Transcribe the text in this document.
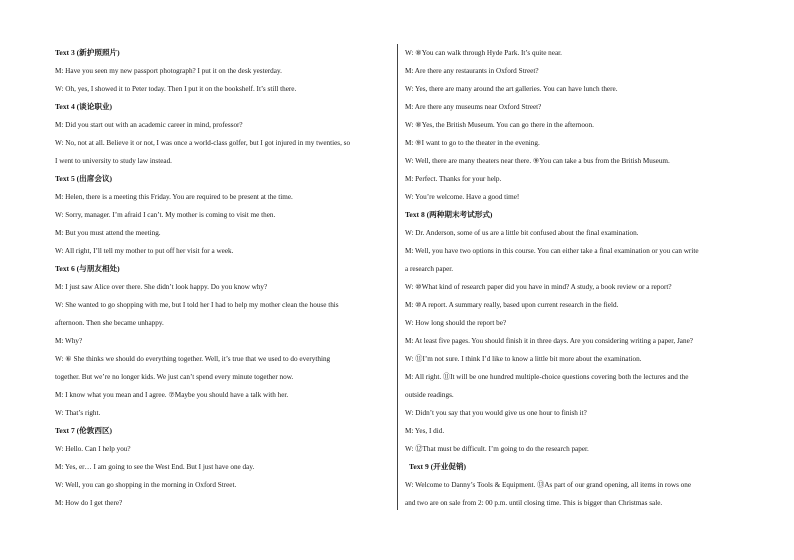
Text 3 (新护照照片)
M: Have you seen my new passport photograph? I put it on the desk yesterday.
W: Oh, yes, I showed it to Peter today. Then I put it on the bookshelf. It’s still there.
Text 4 (谈论职业)
M: Did you start out with an academic career in mind, professor?
W: No, not at all. Believe it or not, I was once a world-class golfer, but I got injured in my twenties, so
I went to university to study law instead.
Text 5 (出席会议)
M: Helen, there is a meeting this Friday. You are required to be present at the time.
W: Sorry, manager. I’m afraid I can’t. My mother is coming to visit me then.
M: But you must attend the meeting.
W: All right, I’ll tell my mother to put off her visit for a week.
Text 6 (与朋友相处)
M: I just saw Alice over there. She didn’t look happy. Do you know why?
W: She wanted to go shopping with me, but I told her I had to help my mother clean the house this
afternoon. Then she became unhappy.
M: Why?
W: ⑥ She thinks we should do everything together. Well, it’s true that we used to do everything
together. But we’re no longer kids. We just can’t spend every minute together now.
M: I know what you mean and I agree. ⑦Maybe you should have a talk with her.
W: That’s right.
Text 7 (伦敦西区)
W: Hello. Can I help you?
M: Yes, er… I am going to see the West End. But I just have one day.
W: Well, you can go shopping in the morning in Oxford Street.
M: How do I get there?
W: ⑧You can walk through Hyde Park. It’s quite near.
M: Are there any restaurants in Oxford Street?
W: Yes, there are many around the art galleries. You can have lunch there.
M: Are there any museums near Oxford Street?
W: ⑧Yes, the British Museum. You can go there in the afternoon.
M: ⑨I want to go to the theater in the evening.
W: Well, there are many theaters near there. ⑨You can take a bus from the British Museum.
M: Perfect. Thanks for your help.
W: You’re welcome. Have a good time!
Text 8 (两种期末考试形式)
W: Dr. Anderson, some of us are a little bit confused about the final examination.
M: Well, you have two options in this course. You can either take a final examination or you can write
a research paper.
W: ⑩What kind of research paper did you have in mind? A study, a book review or a report?
M: ⑩A report. A summary really, based upon current research in the field.
W: How long should the report be?
M: At least five pages. You should finish it in three days. Are you considering writing a paper, Jane?
W: ⑪I’m not sure. I think I’d like to know a little bit more about the examination.
M: All right. ⑪It will be one hundred multiple-choice questions covering both the lectures and the
outside readings.
W: Didn’t you say that you would give us one hour to finish it?
M: Yes, I did.
W: ⑫That must be difficult. I’m going to do the research paper.
Text 9 (开业促销)
W: Welcome to Danny’s Tools & Equipment. ⑬As part of our grand opening, all items in rows one
and two are on sale from 2: 00 p.m. until closing time. This is bigger than Christmas sale.
